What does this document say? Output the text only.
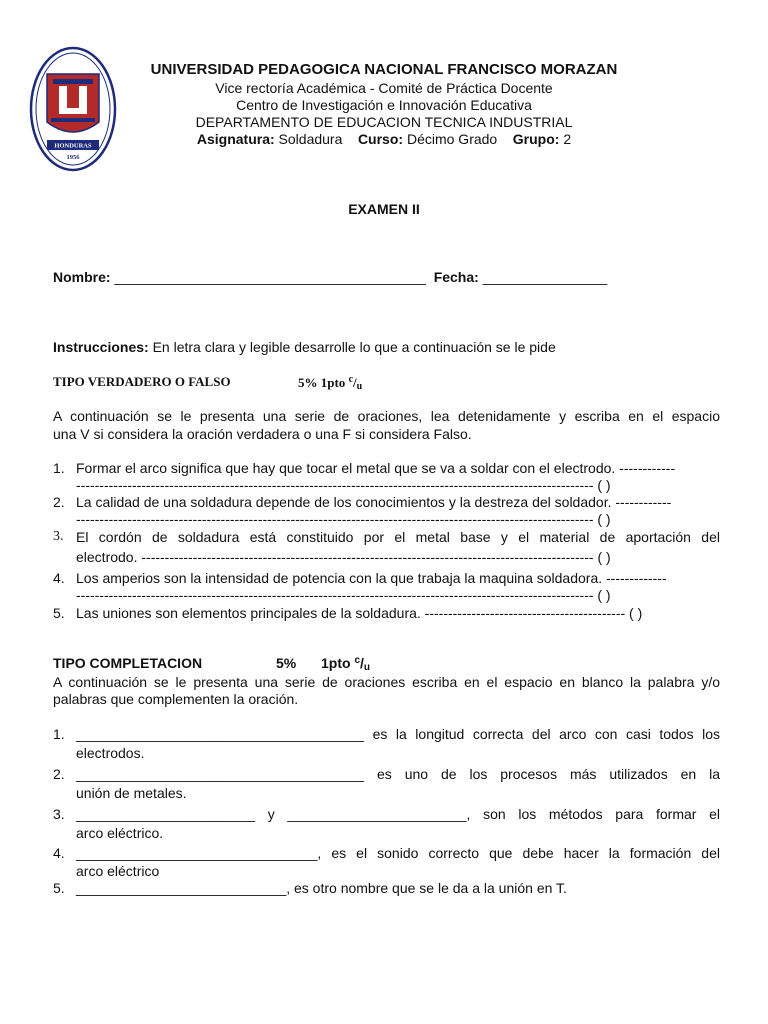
HONDURAS
1956
UNIVERSIDAD PEDAGOGICA NACIONAL FRANCISCO MORAZAN
Vice rectoría Académica - Comité de Práctica Docente
Centro de Investigación e Innovación Educativa
DEPARTAMENTO DE EDUCACION TECNICA INDUSTRIAL
Asignatura: Soldadura Curso: Décimo Grado Grupo: 2
EXAMEN II
Nombre: ________________________________________ Fecha: ________________
Instrucciones: En letra clara y legible desarrolle lo que a continuación se le pide
TIPO VERDADERO O FALSO	5% 1pto $^c/_u$
A continuación se le presenta una serie de oraciones, lea detenidamente y escriba en el espacio
una V si considera la oración verdadera o una F si considera Falso.
1. Formar el arco significa que hay que tocar el metal que se va a soldar con el electrodo. ------------
--------------------------------------------------------------------------------------------------------------- ( )
2. La calidad de una soldadura depende de los conocimientos y la destreza del soldador. ------------
--------------------------------------------------------------------------------------------------------------- ( )
3. El cordón de soldadura está constituido por el metal base y el material de aportación del
electrodo. ------------------------------------------------------------------------------------------------- ( )
4. Los amperios son la intensidad de potencia con la que trabaja la maquina soldadora. -------------
--------------------------------------------------------------------------------------------------------------- ( )
5. Las uniones son elementos principales de la soldadura. ------------------------------------------- ( )
TIPO COMPLETACION	5% 1pto $^c/_u$
A continuación se le presenta una serie de oraciones escriba en el espacio en blanco la palabra y/o
palabras que complementen la oración.
1. _____________________________________ es la longitud correcta del arco con casi todos los
electrodos.
2. _____________________________________ es uno de los procesos más utilizados en la
unión de metales.
3. _______________________ y _______________________, son los métodos para formar el
arco eléctrico.
4. _______________________________, es el sonido correcto que debe hacer la formación del
arco eléctrico
5. ___________________________, es otro nombre que se le da a la unión en T.
